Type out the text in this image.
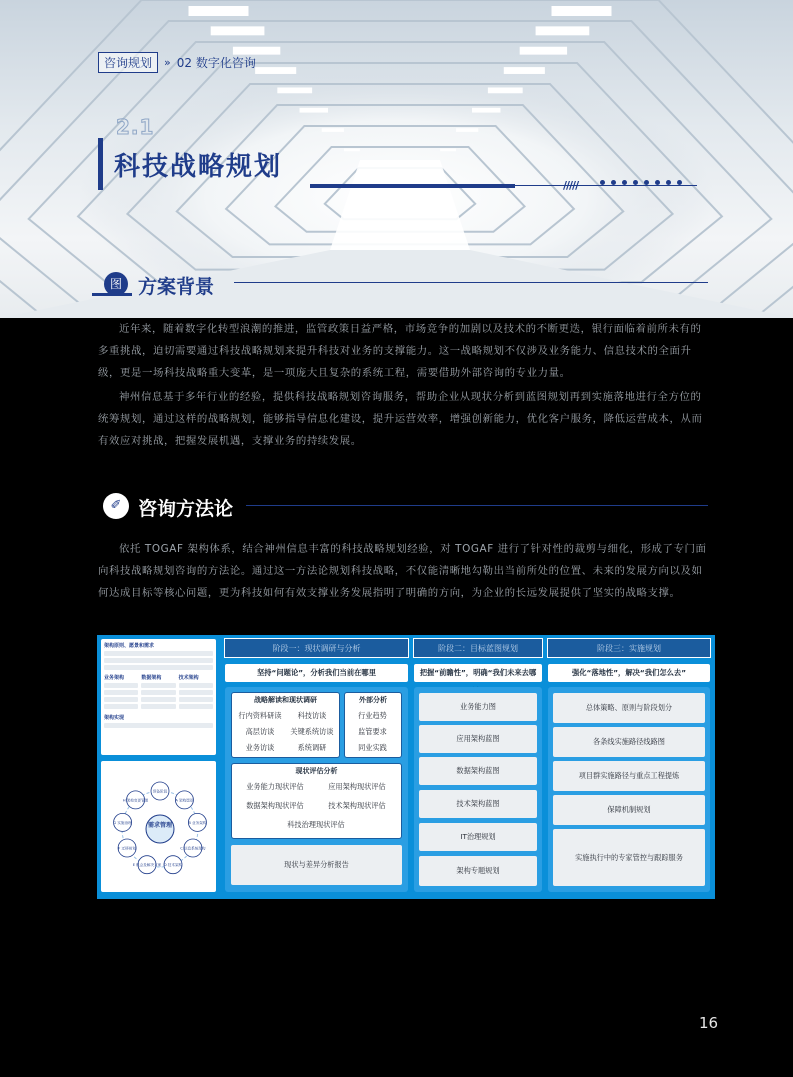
咨询规划	» 02 数字化咨询
2.1
科技战略规划
/////
图 方案背景

近年来，随着数字化转型浪潮的推进，监管政策日益严格，市场竞争的加剧以及技术的不断更迭，银行面临着前所未有的多重挑战，迫切需要通过科技战略规划来提升科技对业务的支撑能力。这一战略规划不仅涉及业务能力、信息技术的全面升级，更是一场科技战略重大变革，是一项庞大且复杂的系统工程，需要借助外部咨询的专业力量。

神州信息基于多年行业的经验，提供科技战略规划咨询服务，帮助企业从现状分析到蓝图规划再到实施落地进行全方位的统筹规划，通过这样的战略规划，能够指导信息化建设，提升运营效率，增强创新能力，优化客户服务，降低运营成本，从而有效应对挑战，把握发展机遇，支撑业务的持续发展。

✐ 咨询方法论

依托 TOGAF 架构体系，结合神州信息丰富的科技战略规划经验，对 TOGAF 进行了针对性的裁剪与细化，形成了专门面向科技战略规划咨询的方法论。通过这一方法论规划科技战略，不仅能清晰地勾勒出当前所处的位置、未来的发展方向以及如何达成目标等核心问题，更为科技如何有效支撑业务发展指明了明确的方向，为企业的长远发展提供了坚实的战略支撑。

架构原则、愿景和需求
业务架构	数据架构	技术架构
架构实现
需求管理
预备阶段
A 架构愿景
B 业务架构
C 信息系统架构
D 技术架构
E 机会及解决方案
F 迁移规划
G 实施治理
H 架构变更管理
阶段一：现状调研与分析	阶段二：目标蓝图规划	阶段三：实施规划
坚持“问题论”，分析我们当前在哪里	把握“前瞻性”，明确“我们未来去哪	强化“落地性”，解决“我们怎么去”
战略解读和现状调研
行内资料研读	科技访谈
高层访谈	关键系统访谈
业务访谈	系统调研
外部分析
行业趋势
监管要求
同业实践
现状评估分析
业务能力现状评估	应用架构现状评估
数据架构现状评估	技术架构现状评估
科技治理现状评估
现状与差异分析报告
业务能力图
应用架构蓝图
数据架构蓝图
技术架构蓝图
IT治理规划
架构专题规划
总体策略、原则与阶段划分
各条线实施路径线路图
项目群实施路径与重点工程提炼
保障机制规划
实施执行中的专家管控与跟踪服务
16
